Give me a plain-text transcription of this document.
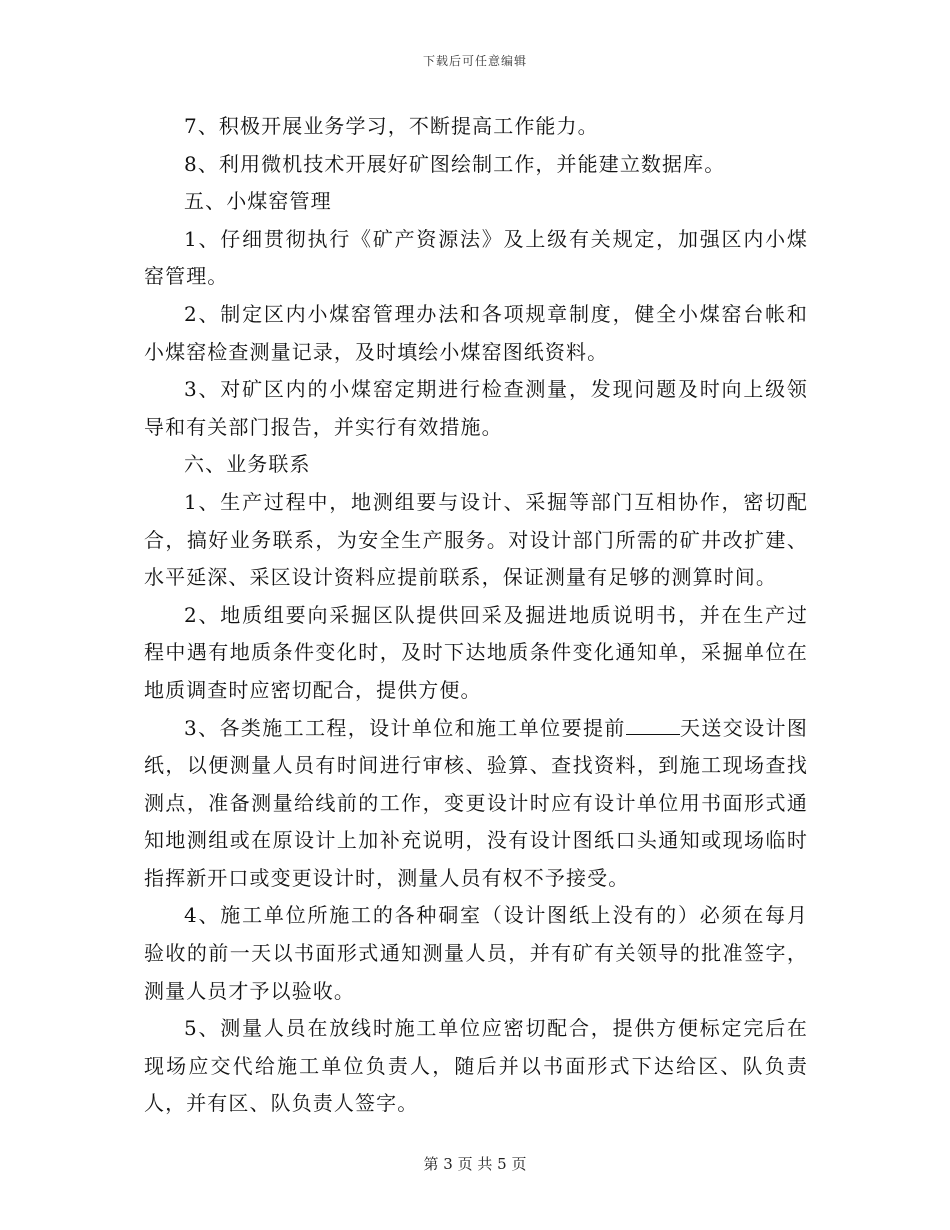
下载后可任意编辑

7、积极开展业务学习，不断提高工作能力。

8、利用微机技术开展好矿图绘制工作，并能建立数据库。

五、小煤窑管理

1、仔细贯彻执行《矿产资源法》及上级有关规定，加强区内小煤窑管理。

2、制定区内小煤窑管理办法和各项规章制度，健全小煤窑台帐和小煤窑检查测量记录，及时填绘小煤窑图纸资料。

3、对矿区内的小煤窑定期进行检查测量，发现问题及时向上级领导和有关部门报告，并实行有效措施。

六、业务联系

1、生产过程中，地测组要与设计、采掘等部门互相协作，密切配合，搞好业务联系，为安全生产服务。对设计部门所需的矿井改扩建、水平延深、采区设计资料应提前联系，保证测量有足够的测算时间。

2、地质组要向采掘区队提供回采及掘进地质说明书，并在生产过程中遇有地质条件变化时，及时下达地质条件变化通知单，采掘单位在地质调查时应密切配合，提供方便。

3、各类施工工程，设计单位和施工单位要提前	天送交设计图纸，以便测量人员有时间进行审核、验算、查找资料，到施工现场查找测点，准备测量给线前的工作，变更设计时应有设计单位用书面形式通知地测组或在原设计上加补充说明，没有设计图纸口头通知或现场临时指挥新开口或变更设计时，测量人员有权不予接受。

4、施工单位所施工的各种硐室（设计图纸上没有的）必须在每月验收的前一天以书面形式通知测量人员，并有矿有关领导的批准签字，测量人员才予以验收。

5、测量人员在放线时施工单位应密切配合，提供方便标定完后在现场应交代给施工单位负责人，随后并以书面形式下达给区、队负责人，并有区、队负责人签字。

第 3 页 共 5 页
